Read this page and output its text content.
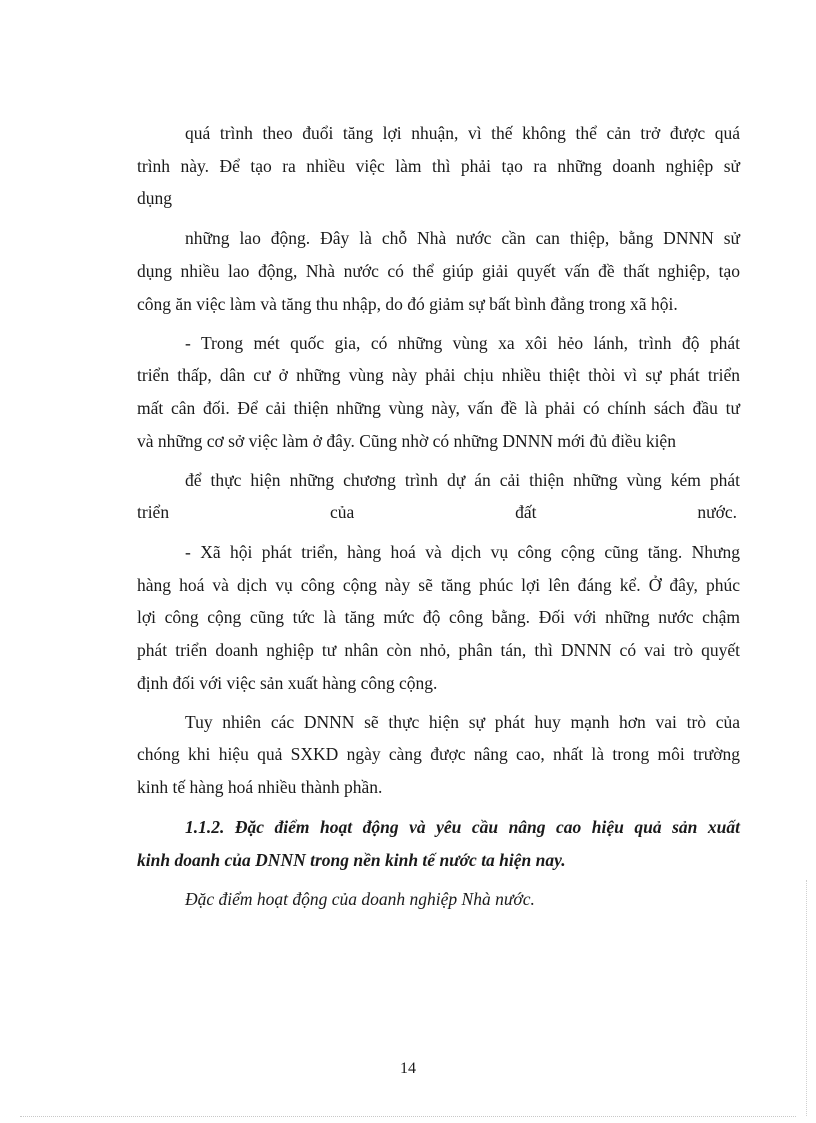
quá trình theo đuổi tăng lợi nhuận, vì thế không thể cản trở được quá
trình này. Để tạo ra nhiều việc làm thì phải tạo ra những doanh nghiệp sử
dụng
những lao động. Đây là chỗ Nhà nước cần can thiệp, bằng DNNN sử
dụng nhiều lao động, Nhà nước có thể giúp giải quyết vấn đề thất nghiệp, tạo
công ăn việc làm và tăng thu nhập, do đó giảm sự bất bình đẳng trong xã hội.
- Trong mét quốc gia, có những vùng xa xôi hẻo lánh, trình độ phát
triển thấp, dân cư ở những vùng này phải chịu nhiều thiệt thòi vì sự phát triển
mất cân đối. Để cải thiện những vùng này, vấn đề là phải có chính sách đầu tư
và những cơ sở việc làm ở đây. Cũng nhờ có những DNNN mới đủ điều kiện
để thực hiện những chương trình dự án cải thiện những vùng kém phát
triển của đất nước.
- Xã hội phát triển, hàng hoá và dịch vụ công cộng cũng tăng. Nhưng
hàng hoá và dịch vụ công cộng này sẽ tăng phúc lợi lên đáng kể. Ở đây, phúc
lợi công cộng cũng tức là tăng mức độ công bằng. Đối với những nước chậm
phát triển doanh nghiệp tư nhân còn nhỏ, phân tán, thì DNNN có vai trò quyết
định đối với việc sản xuất hàng công cộng.
Tuy nhiên các DNNN sẽ thực hiện sự phát huy mạnh hơn vai trò của
chóng khi hiệu quả SXKD ngày càng được nâng cao, nhất là trong môi trường
kinh tế hàng hoá nhiều thành phần.
1.1.2. Đặc điểm hoạt động và yêu cầu nâng cao hiệu quả sản xuất
kinh doanh của DNNN trong nền kinh tế nước ta hiện nay.
Đặc điểm hoạt động của doanh nghiệp Nhà nước.
14
